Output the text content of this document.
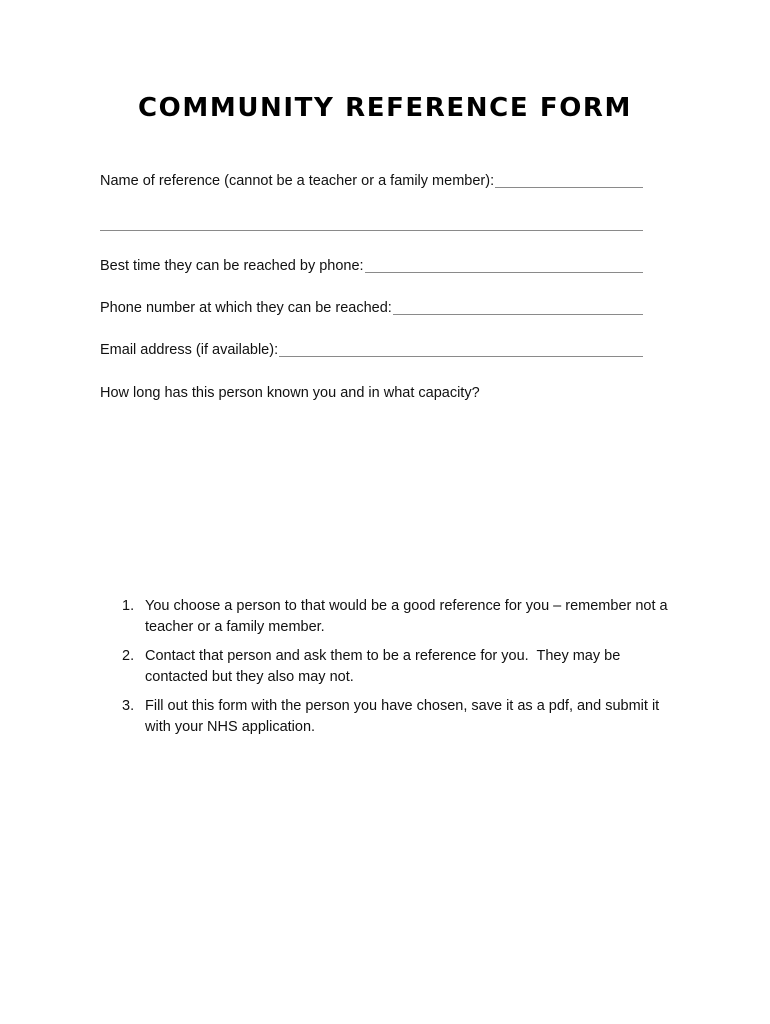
COMMUNITY REFERENCE FORM
Name of reference (cannot be a teacher or a family member):
Best time they can be reached by phone:
Phone number at which they can be reached:
Email address (if available):
How long has this person known you and in what capacity?
1. You choose a person to that would be a good reference for you – remember not a teacher or a family member.
2. Contact that person and ask them to be a reference for you.  They may be contacted but they also may not.
3. Fill out this form with the person you have chosen, save it as a pdf, and submit it with your NHS application.
